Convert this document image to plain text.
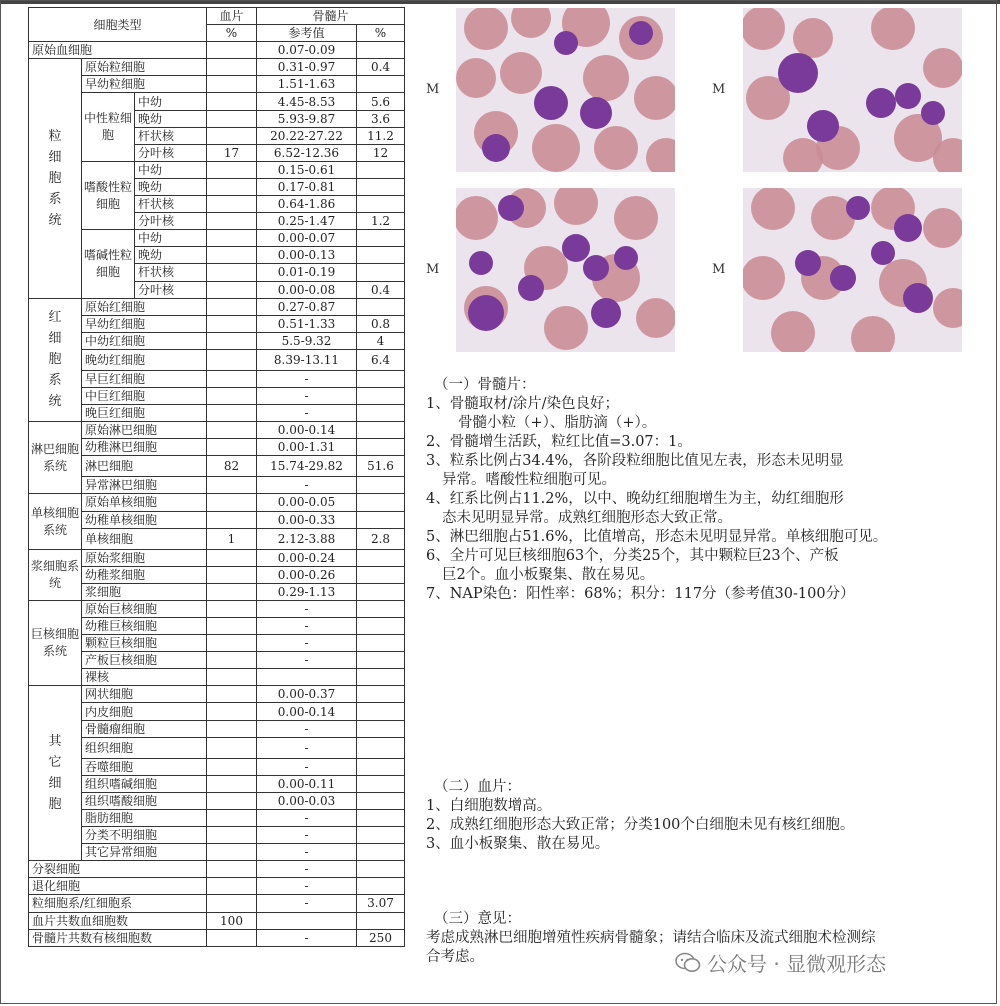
细胞类型			血片	骨髓片	
			%	参考值	%
原始血细胞				0.07-0.09	
粒细胞系统	原始粒细胞			0.31-0.97	0.4
	早幼粒细胞			1.51-1.63	
	中性粒细胞	中幼		4.45-8.53	5.6
		晚幼		5.93-9.87	3.6
		杆状核		20.22-27.22	11.2
		分叶核	17	6.52-12.36	12
	嗜酸性粒细胞	中幼		0.15-0.61	
		晚幼		0.17-0.81	
		杆状核		0.64-1.86	
		分叶核		0.25-1.47	1.2
	嗜碱性粒细胞	中幼		0.00-0.07	
		晚幼		0.00-0.13	
		杆状核		0.01-0.19	
		分叶核		0.00-0.08	0.4
红细胞系统	原始红细胞			0.27-0.87	
	早幼红细胞			0.51-1.33	0.8
	中幼红细胞			5.5-9.32	4
	晚幼红细胞			8.39-13.11	6.4
	早巨红细胞			-	
	中巨红细胞			-	
	晚巨红细胞			-	
淋巴细胞系统	原始淋巴细胞			0.00-0.14	
	幼稚淋巴细胞			0.00-1.31	
	淋巴细胞		82	15.74-29.82	51.6
	异常淋巴细胞			-	
单核细胞系统	原始单核细胞			0.00-0.05	
	幼稚单核细胞			0.00-0.33	
	单核细胞		1	2.12-3.88	2.8
浆细胞系统	原始浆细胞			0.00-0.24	
	幼稚浆细胞			0.00-0.26	
	浆细胞			0.29-1.13	
巨核细胞系统	原始巨核细胞			-	
	幼稚巨核细胞			-	
	颗粒巨核细胞			-	
	产板巨核细胞			-	
	裸核				
其它细胞	网状细胞			0.00-0.37	
	内皮细胞			0.00-0.14	
	骨髓瘤细胞			-	
	组织细胞			-	
	吞噬细胞			-	
	组织嗜碱细胞			0.00-0.11	
	组织嗜酸细胞			0.00-0.03	
	脂肪细胞			-	
	分类不明细胞			-	
	其它异常细胞			-	
分裂细胞				-	
退化细胞				-	
粒细胞系/红细胞系				-	3.07
血片共数血细胞数			100		
骨髓片共数有核细胞数				-	250
M	M
M	M
（一）骨髓片：
1、骨髓取材/涂片/染色良好；
骨髓小粒（+）、脂肪滴（+）。
2、骨髓增生活跃，粒红比值=3.07：1。
3、粒系比例占34.4%，各阶段粒细胞比值见左表，形态未见明显
异常。嗜酸性粒细胞可见。
4、红系比例占11.2%，以中、晚幼红细胞增生为主，幼红细胞形
态未见明显异常。成熟红细胞形态大致正常。
5、淋巴细胞占51.6%，比值增高，形态未见明显异常。单核细胞可见。
6、全片可见巨核细胞63个，分类25个，其中颗粒巨23个、产板
巨2个。血小板聚集、散在易见。
7、NAP染色：阳性率：68%；积分：117分（参考值30-100分）
（二）血片：
1、白细胞数增高。
2、成熟红细胞形态大致正常；分类100个白细胞未见有核红细胞。
3、血小板聚集、散在易见。
（三）意见：
考虑成熟淋巴细胞增殖性疾病骨髓象；请结合临床及流式细胞术检测综
合考虑。	公众号 · 显微观形态
